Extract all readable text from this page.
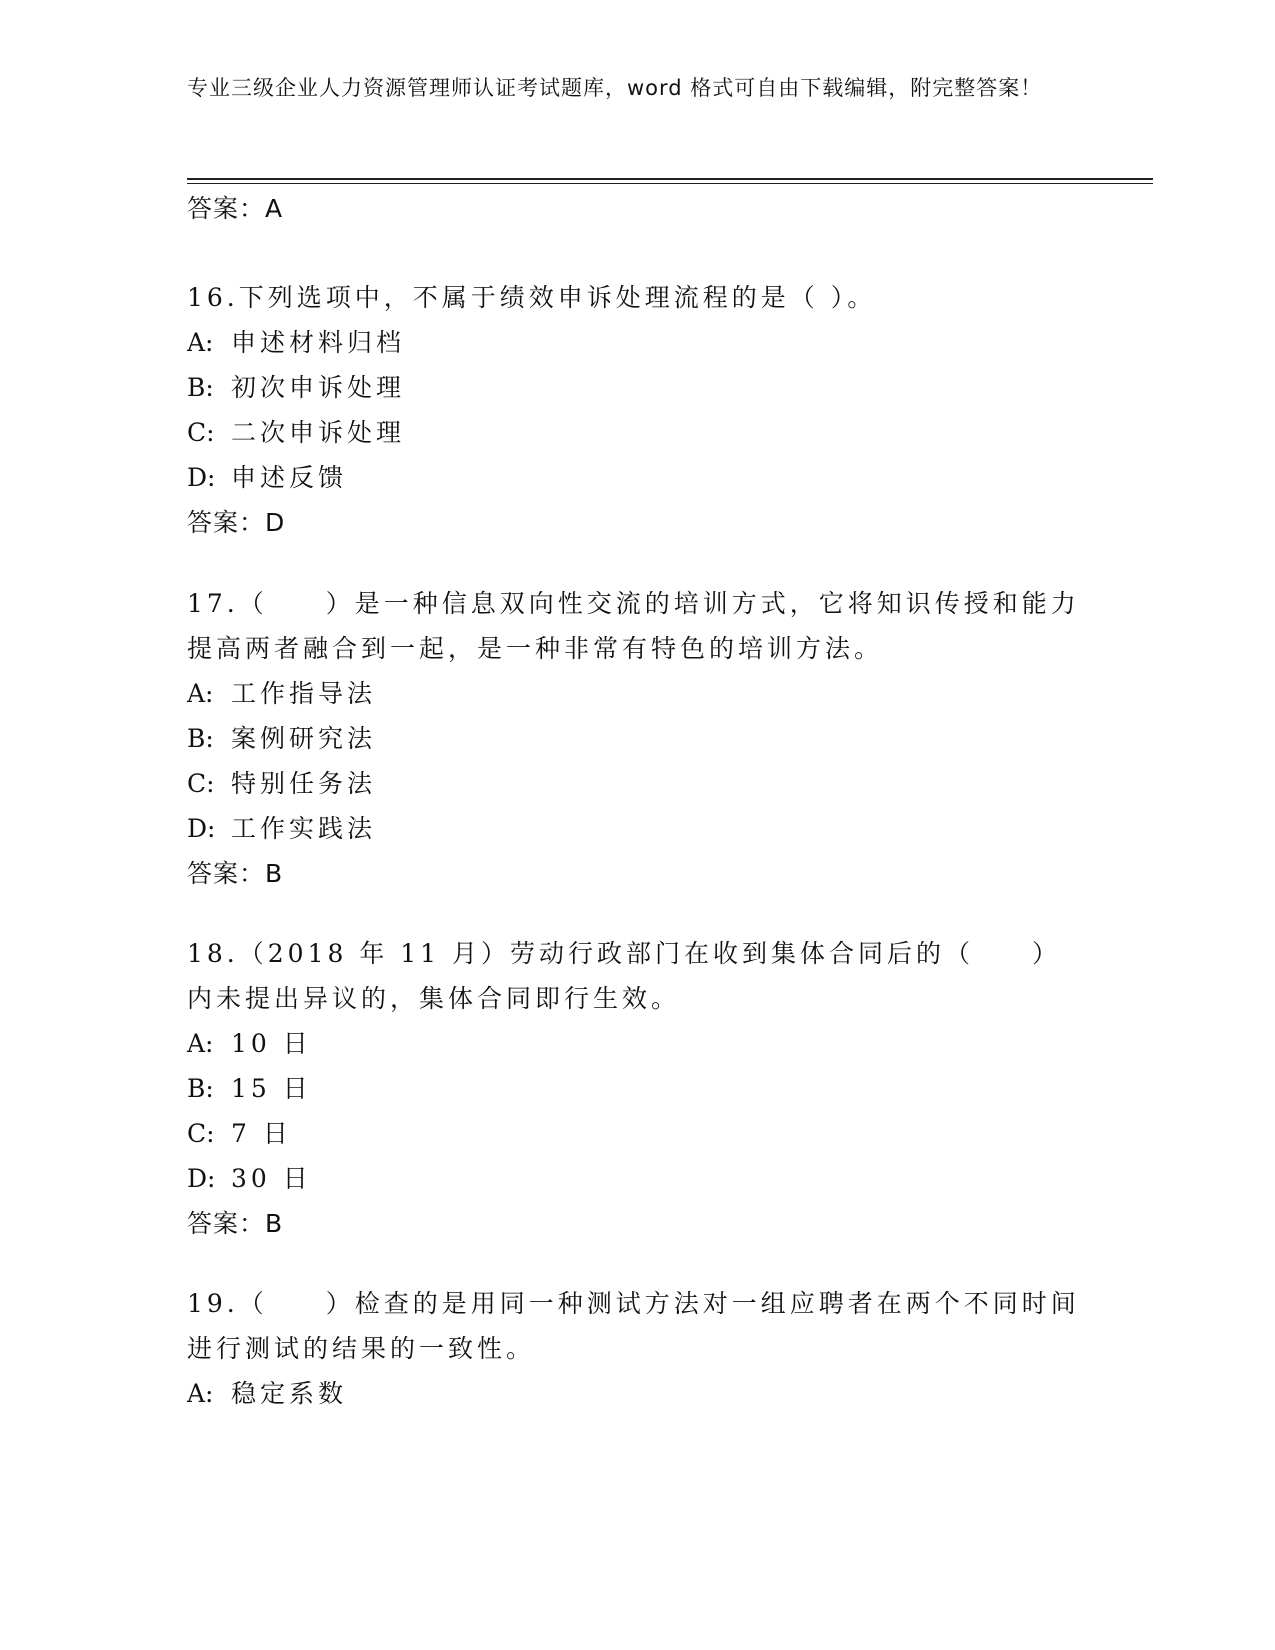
专业三级企业人力资源管理师认证考试题库，word 格式可自由下载编辑，附完整答案！
答案：A
16.下列选项中，不属于绩效申诉处理流程的是（ ）。
A: 申述材料归档
B: 初次申诉处理
C: 二次申诉处理
D: 申述反馈
答案：D
17.（　　）是一种信息双向性交流的培训方式，它将知识传授和能力提高两者融合到一起，是一种非常有特色的培训方法。
A: 工作指导法
B: 案例研究法
C: 特别任务法
D: 工作实践法
答案：B
18.（2018 年 11 月）劳动行政部门在收到集体合同后的（　　）内未提出异议的，集体合同即行生效。
A: 10 日
B: 15 日
C: 7 日
D: 30 日
答案：B
19.（　　）检查的是用同一种测试方法对一组应聘者在两个不同时间进行测试的结果的一致性。
A: 稳定系数
